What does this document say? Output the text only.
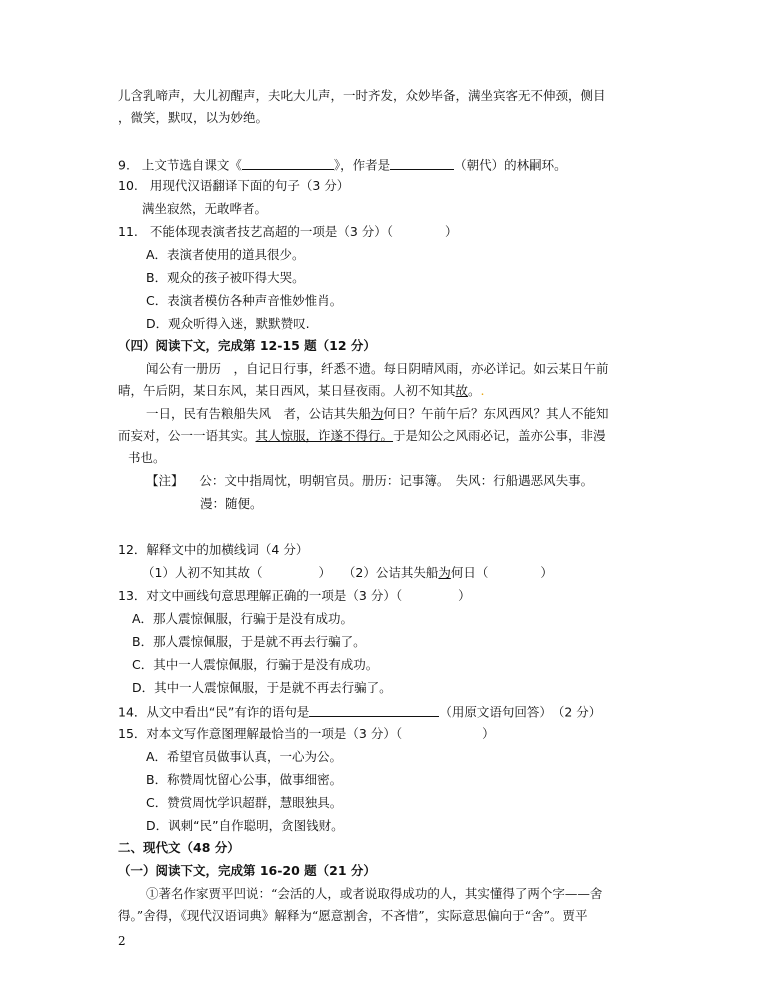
儿含乳啼声，大儿初醒声，夫叱大儿声，一时齐发，众妙毕备，满坐宾客无不伸颈，侧目
，微笑，默叹，以为妙绝。
9. 上文节选自课文《	》，作者是	（朝代）的林嗣环。
10. 用现代汉语翻译下面的句子（3 分）
满坐寂然，无敢哗者。
11. 不能体现表演者技艺高超的一项是（3 分）（	）
A．表演者使用的道具很少。
B．观众的孩子被吓得大哭。
C．表演者模仿各种声音惟妙惟肖。
D．观众听得入迷，默默赞叹.
（四）阅读下文，完成第 12-15 题（12 分）
闻公有一册历　，自记日行事，纤悉不遗。每日阴晴风雨，亦必详记。如云某日午前
晴，午后阴，某日东风，某日西风，某日昼夜雨。人初不知其故。.
一日，民有告粮船失风　者，公诘其失船为何日？午前午后？东风西风？其人不能知
而妄对，公一一语其实。其人惊服，诈遂不得行。于是知公之风雨必记，盖亦公事，非漫
书也。
【注】 公：文中指周忱，明朝官员。册历：记事簿。　失风：行船遇恶风失事。
漫：随便。
12．解释文中的加横线词（4 分）
（1）人初不知其故（	） （2）公诘其失船为何日（	）
13．对文中画线句意思理解正确的一项是（3 分）（	）
A．那人震惊佩服，行骗于是没有成功。
B．那人震惊佩服，于是就不再去行骗了。
C．其中一人震惊佩服，行骗于是没有成功。
D．其中一人震惊佩服，于是就不再去行骗了。
14．从文中看出“民”有诈的语句是	（用原文语句回答）　（2 分）
15．对本文写作意图理解最恰当的一项是（3 分）（	）
A．希望官员做事认真，一心为公。
B．称赞周忱留心公事，做事细密。
C．赞赏周忱学识超群，慧眼独具。
D．讽刺“民”自作聪明，贪图钱财。
二、现代文（48 分）
（一）阅读下文，完成第 16-20 题（21 分）
①著名作家贾平凹说：“会活的人，或者说取得成功的人，其实懂得了两个字——舍
得。”舍得，《现代汉语词典》解释为“愿意割舍，不吝惜”，实际意思偏向于“舍”。贾平
2
